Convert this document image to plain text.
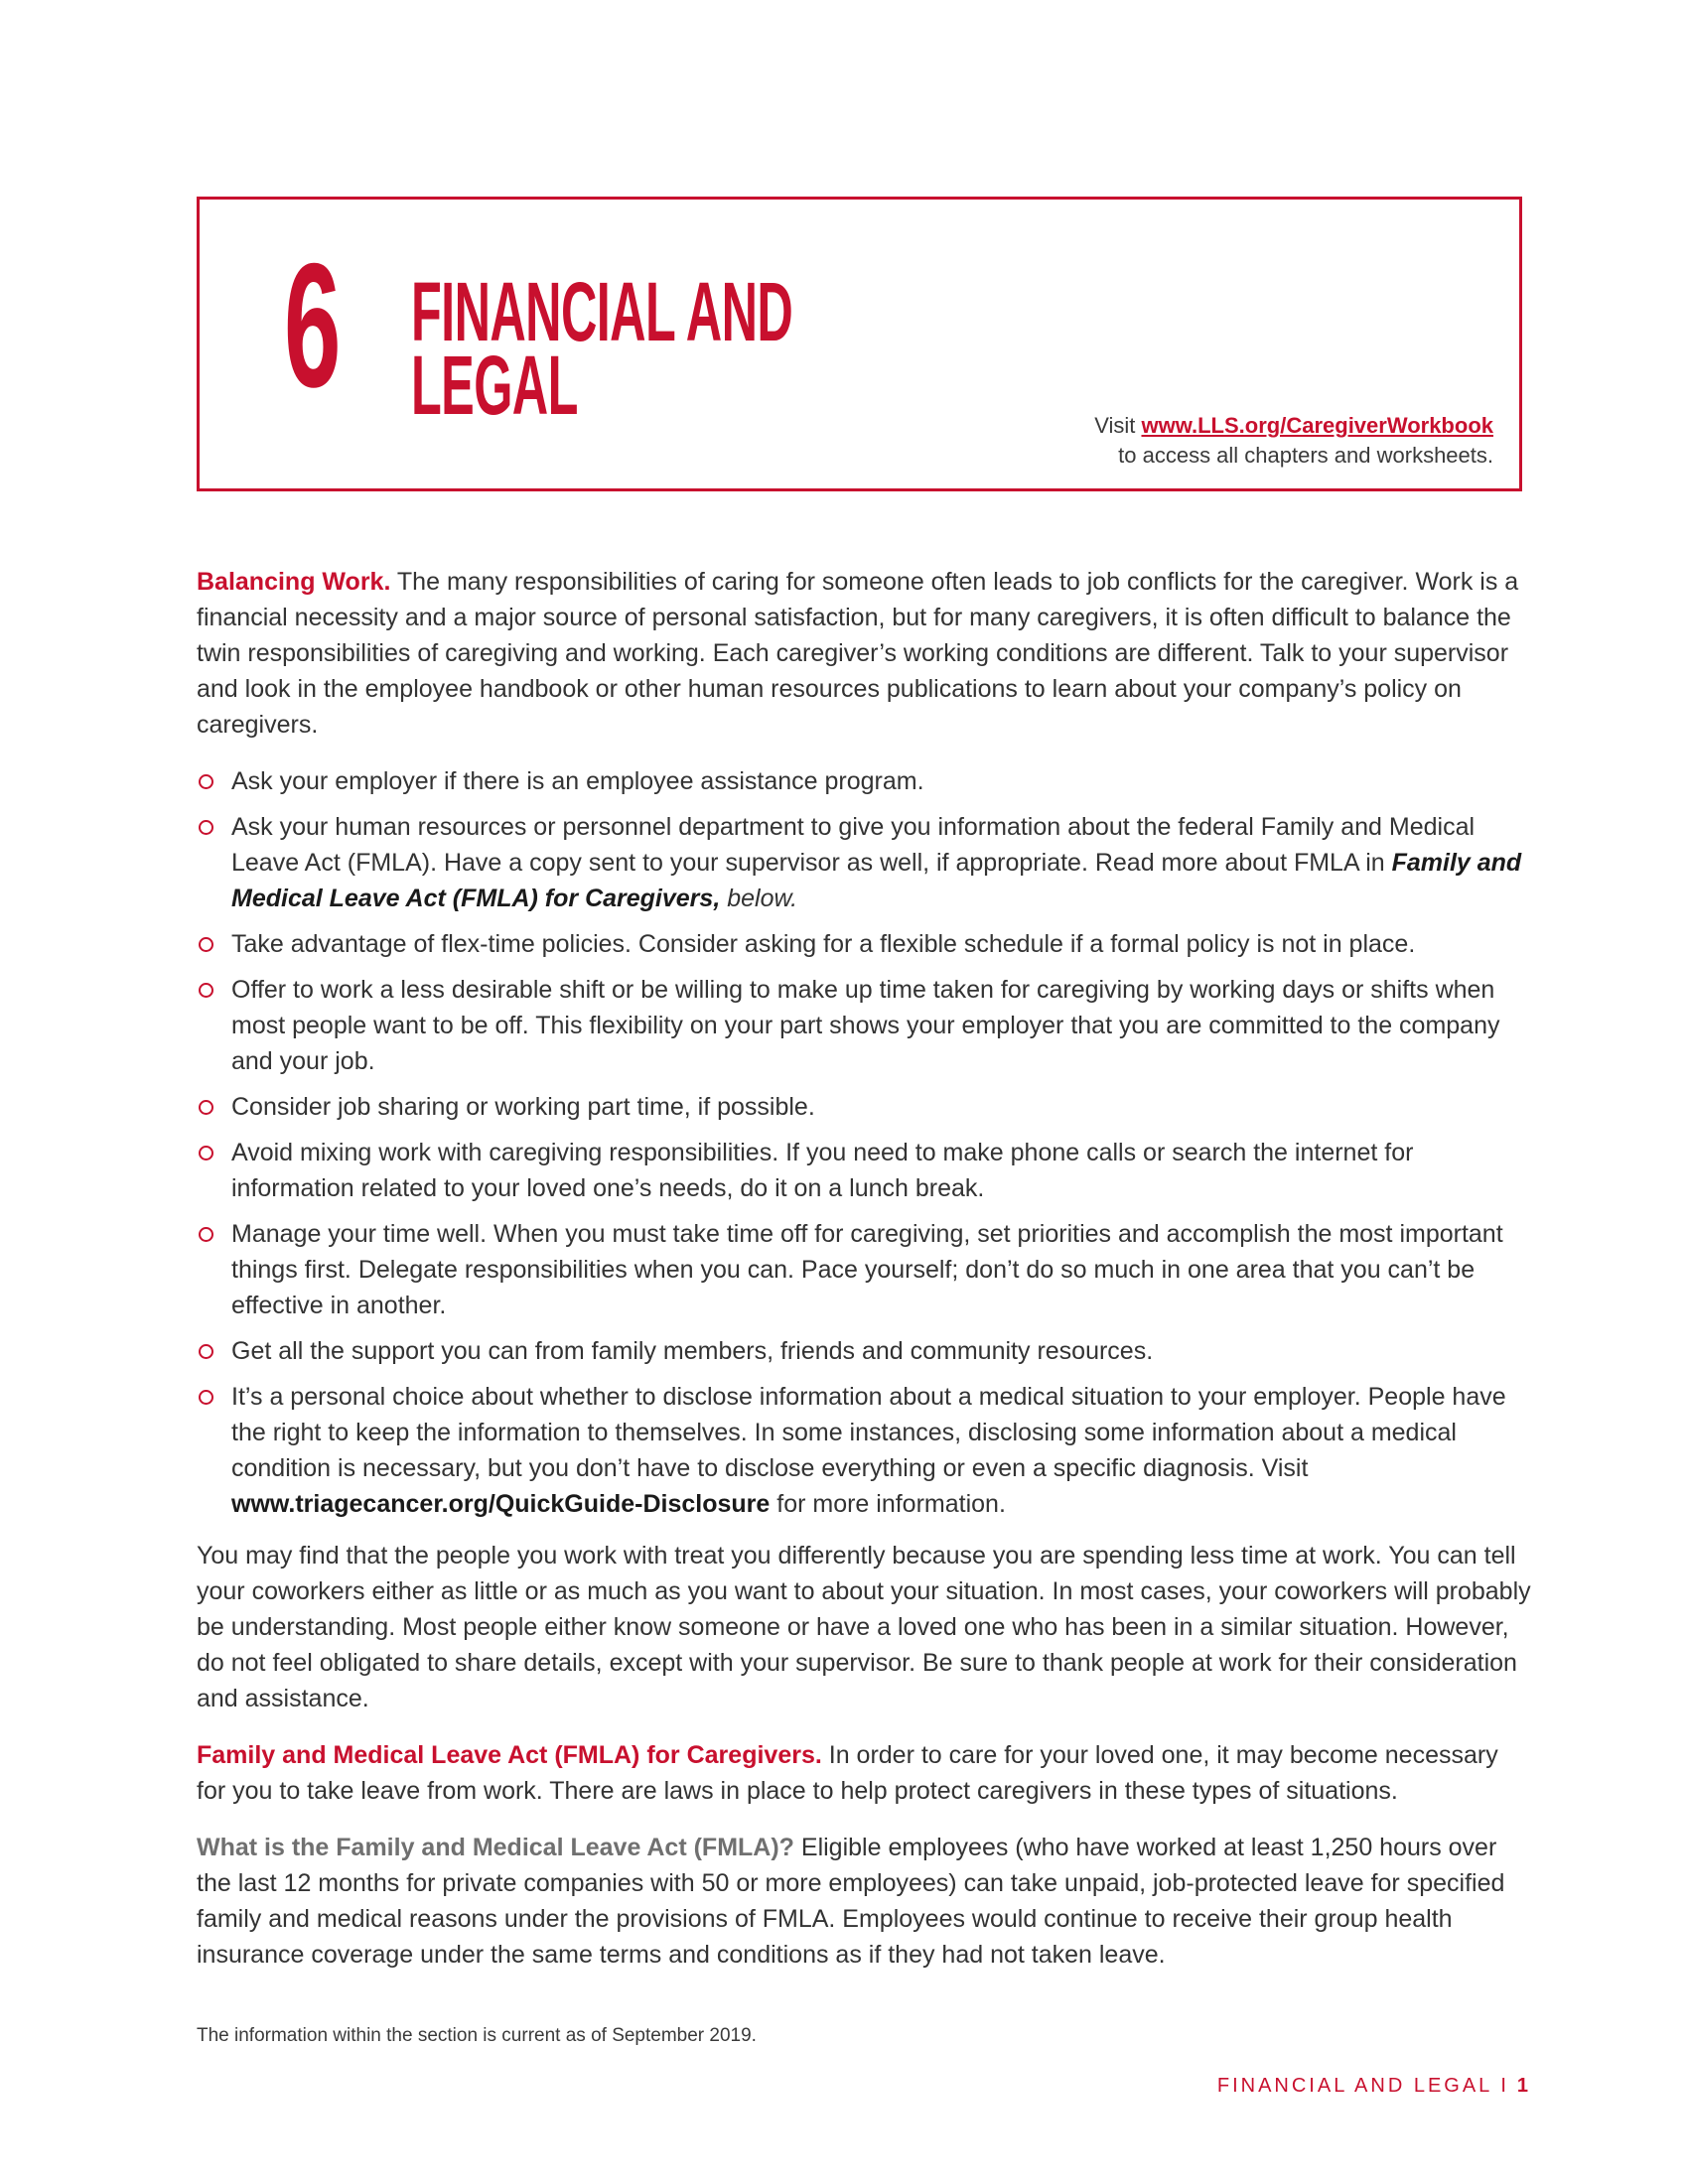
6 FINANCIAL AND
LEGAL	Visit www.LLS.org/CaregiverWorkbook
to access all chapters and worksheets.

Balancing Work. The many responsibilities of caring for someone often leads to job conflicts for the caregiver. Work is a financial necessity and a major source of personal satisfaction, but for many caregivers, it is often difficult to balance the twin responsibilities of caregiving and working. Each caregiver’s working conditions are different. Talk to your supervisor and look in the employee handbook or other human resources publications to learn about your company’s policy on caregivers.

Ask your employer if there is an employee assistance program.
Ask your human resources or personnel department to give you information about the federal Family and Medical Leave Act (FMLA). Have a copy sent to your supervisor as well, if appropriate. Read more about FMLA in Family and Medical Leave Act (FMLA) for Caregivers, below.
Take advantage of flex-time policies. Consider asking for a flexible schedule if a formal policy is not in place.
Offer to work a less desirable shift or be willing to make up time taken for caregiving by working days or shifts when most people want to be off. This flexibility on your part shows your employer that you are committed to the company and your job.
Consider job sharing or working part time, if possible.
Avoid mixing work with caregiving responsibilities. If you need to make phone calls or search the internet for information related to your loved one’s needs, do it on a lunch break.
Manage your time well. When you must take time off for caregiving, set priorities and accomplish the most important things first. Delegate responsibilities when you can. Pace yourself; don’t do so much in one area that you can’t be effective in another.
Get all the support you can from family members, friends and community resources.
It’s a personal choice about whether to disclose information about a medical situation to your employer. People have the right to keep the information to themselves. In some instances, disclosing some information about a medical condition is necessary, but you don’t have to disclose everything or even a specific diagnosis. Visit www.triagecancer.org/QuickGuide-Disclosure for more information.

You may find that the people you work with treat you differently because you are spending less time at work. You can tell your coworkers either as little or as much as you want to about your situation. In most cases, your coworkers will probably be understanding. Most people either know someone or have a loved one who has been in a similar situation. However, do not feel obligated to share details, except with your supervisor. Be sure to thank people at work for their consideration and assistance.

Family and Medical Leave Act (FMLA) for Caregivers. In order to care for your loved one, it may become necessary for you to take leave from work. There are laws in place to help protect caregivers in these types of situations.

What is the Family and Medical Leave Act (FMLA)? Eligible employees (who have worked at least 1,250 hours over the last 12 months for private companies with 50 or more employees) can take unpaid, job-protected leave for specified family and medical reasons under the provisions of FMLA. Employees would continue to receive their group health insurance coverage under the same terms and conditions as if they had not taken leave.

The information within the section is current as of September 2019.
FINANCIAL AND LEGAL I 1
